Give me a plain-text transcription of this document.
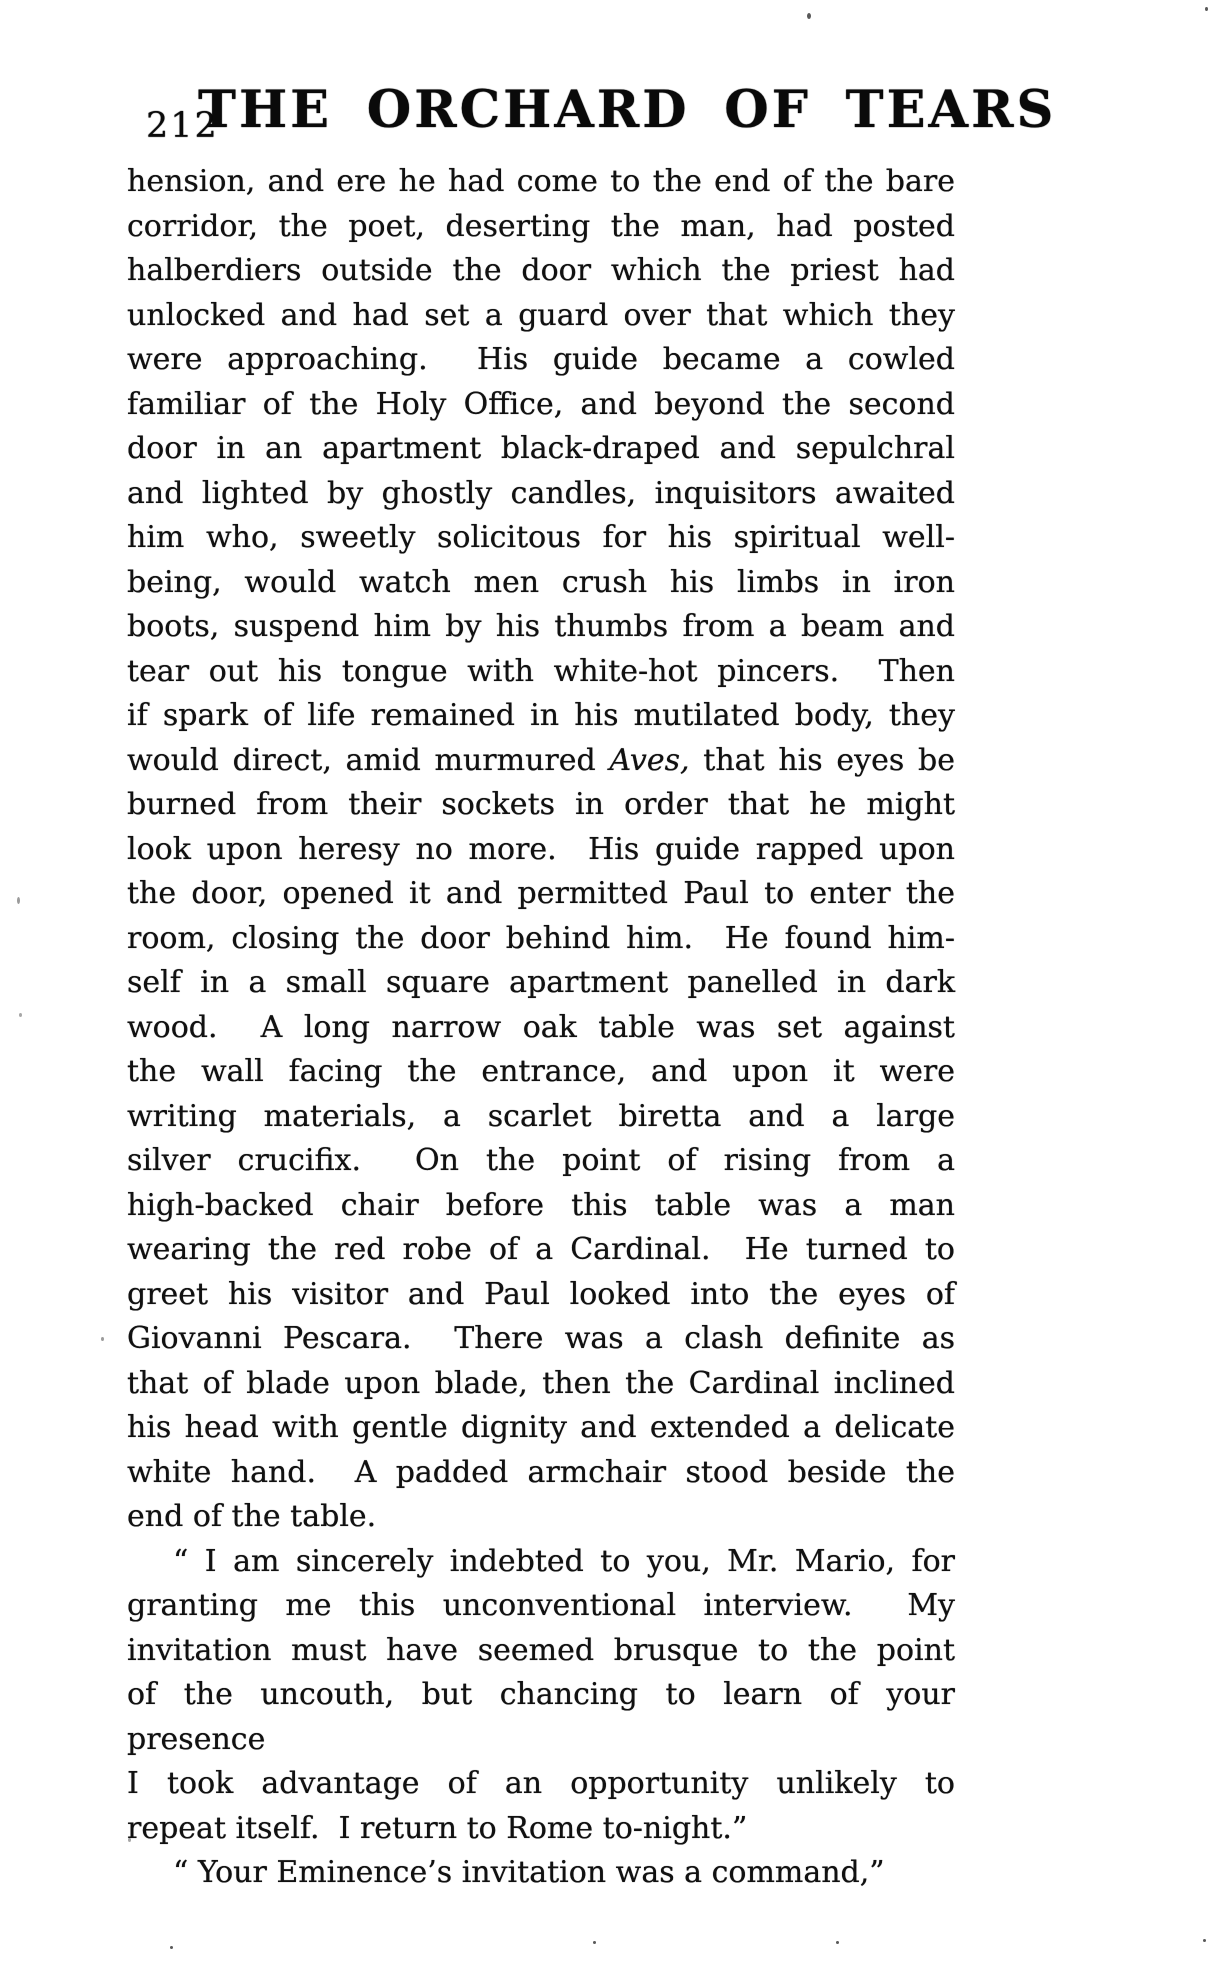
212
THE ORCHARD OF TEARS
hension, and ere he had come to the end of the bare
corridor, the poet, deserting the man, had posted
halberdiers outside the door which the priest had
unlocked and had set a guard over that which they
were approaching.  His guide became a cowled
familiar of the Holy Office, and beyond the second
door in an apartment black-draped and sepulchral
and lighted by ghostly candles, inquisitors awaited
him who, sweetly solicitous for his spiritual well-
being, would watch men crush his limbs in iron
boots, suspend him by his thumbs from a beam and
tear out his tongue with white-hot pincers.  Then
if spark of life remained in his mutilated body, they
would direct, amid murmured Aves, that his eyes be
burned from their sockets in order that he might
look upon heresy no more.  His guide rapped upon
the door, opened it and permitted Paul to enter the
room, closing the door behind him.  He found him-
self in a small square apartment panelled in dark
wood.  A long narrow oak table was set against
the wall facing the entrance, and upon it were
writing materials, a scarlet biretta and a large
silver crucifix.  On the point of rising from a
high-backed chair before this table was a man
wearing the red robe of a Cardinal.  He turned to
greet his visitor and Paul looked into the eyes of
Giovanni Pescara.  There was a clash definite as
that of blade upon blade, then the Cardinal inclined
his head with gentle dignity and extended a delicate
white hand.  A padded armchair stood beside the
end of the table.
“ I am sincerely indebted to you, Mr. Mario, for
granting me this unconventional interview.  My
invitation must have seemed brusque to the point
of the uncouth, but chancing to learn of your presence
I took advantage of an opportunity unlikely to
repeat itself.  I return to Rome to-night.”
“ Your Eminence’s invitation was a command,”
